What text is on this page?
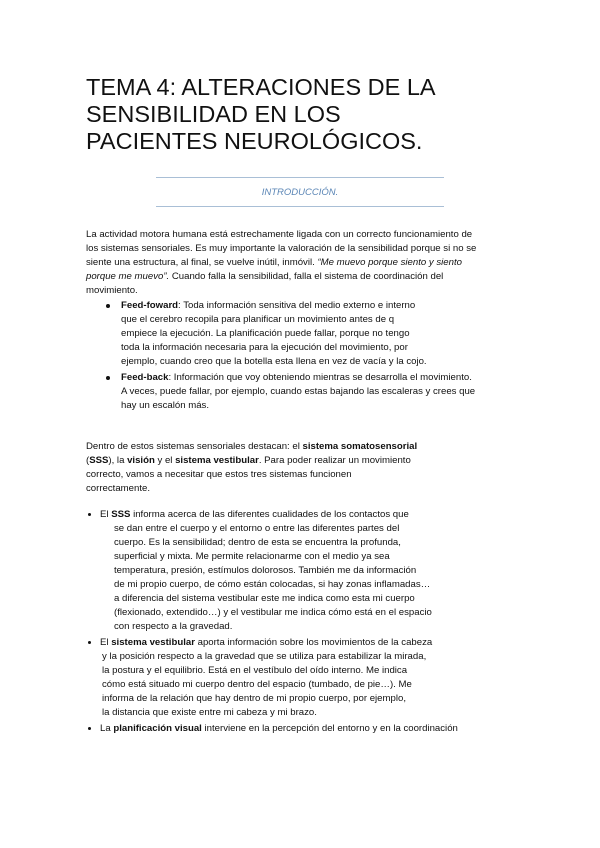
TEMA 4: ALTERACIONES DE LA
SENSIBILIDAD EN LOS
PACIENTES NEUROLÓGICOS.
INTRODUCCIÓN.
La actividad motora humana está estrechamente ligada con un correcto funcionamiento de
los sistemas sensoriales. Es muy importante la valoración de la sensibilidad porque si no se
siente una estructura, al final, se vuelve inútil, inmóvil. “Me muevo porque siento y siento
porque me muevo”. Cuando falla la sensibilidad, falla el sistema de coordinación del
movimiento.
Feed-foward: Toda información sensitiva del medio externo e interno
que el cerebro recopila para planificar un movimiento antes de q
empiece la ejecución. La planificación puede fallar, porque no tengo
toda la información necesaria para la ejecución del movimiento, por
ejemplo, cuando creo que la botella esta llena en vez de vacía y la cojo.
Feed-back: Información que voy obteniendo mientras se desarrolla el movimiento.
A veces, puede fallar, por ejemplo, cuando estas bajando las escaleras y crees que
hay un escalón más.
Dentro de estos sistemas sensoriales destacan: el sistema somatosensorial
(SSS), la visión y el sistema vestibular. Para poder realizar un movimiento
correcto, vamos a necesitar que estos tres sistemas funcionen
correctamente.
El SSS informa acerca de las diferentes cualidades de los contactos que
se dan entre el cuerpo y el entorno o entre las diferentes partes del
cuerpo. Es la sensibilidad; dentro de esta se encuentra la profunda,
superficial y mixta. Me permite relacionarme con el medio ya sea
temperatura, presión, estímulos dolorosos. También me da información
de mi propio cuerpo, de cómo están colocadas, si hay zonas inflamadas…
a diferencia del sistema vestibular este me indica como esta mi cuerpo
(flexionado, extendido…) y el vestibular me indica cómo está en el espacio
con respecto a la gravedad.
El sistema vestibular aporta información sobre los movimientos de la cabeza
y la posición respecto a la gravedad que se utiliza para estabilizar la mirada,
la postura y el equilibrio. Está en el vestíbulo del oído interno. Me indica
cómo está situado mi cuerpo dentro del espacio (tumbado, de pie…). Me
informa de la relación que hay dentro de mi propio cuerpo, por ejemplo,
la distancia que existe entre mi cabeza y mi brazo.
La planificación visual interviene en la percepción del entorno y en la coordinación
